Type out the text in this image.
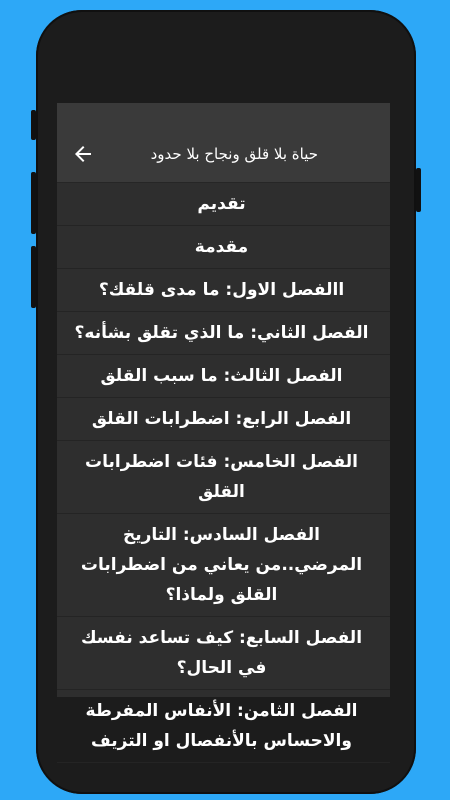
حياة بلا قلق ونجاح بلا حدود
تقديم
مقدمة
االفصل الاول: ما مدى قلقك؟
الفصل الثاني: ما الذي تقلق بشأنه؟
الفصل الثالث: ما سبب القلق
الفصل الرابع: اضطرابات القلق
الفصل الخامس: فئات اضطرابات القلق
الفصل السادس: التاريخ المرضي..من يعاني من اضطرابات القلق ولماذا؟
الفصل السابع: كيف تساعد نفسك في الحال؟
الفصل الثامن: الأنفاس المفرطة والاحساس بالأنفصال او التزيف
